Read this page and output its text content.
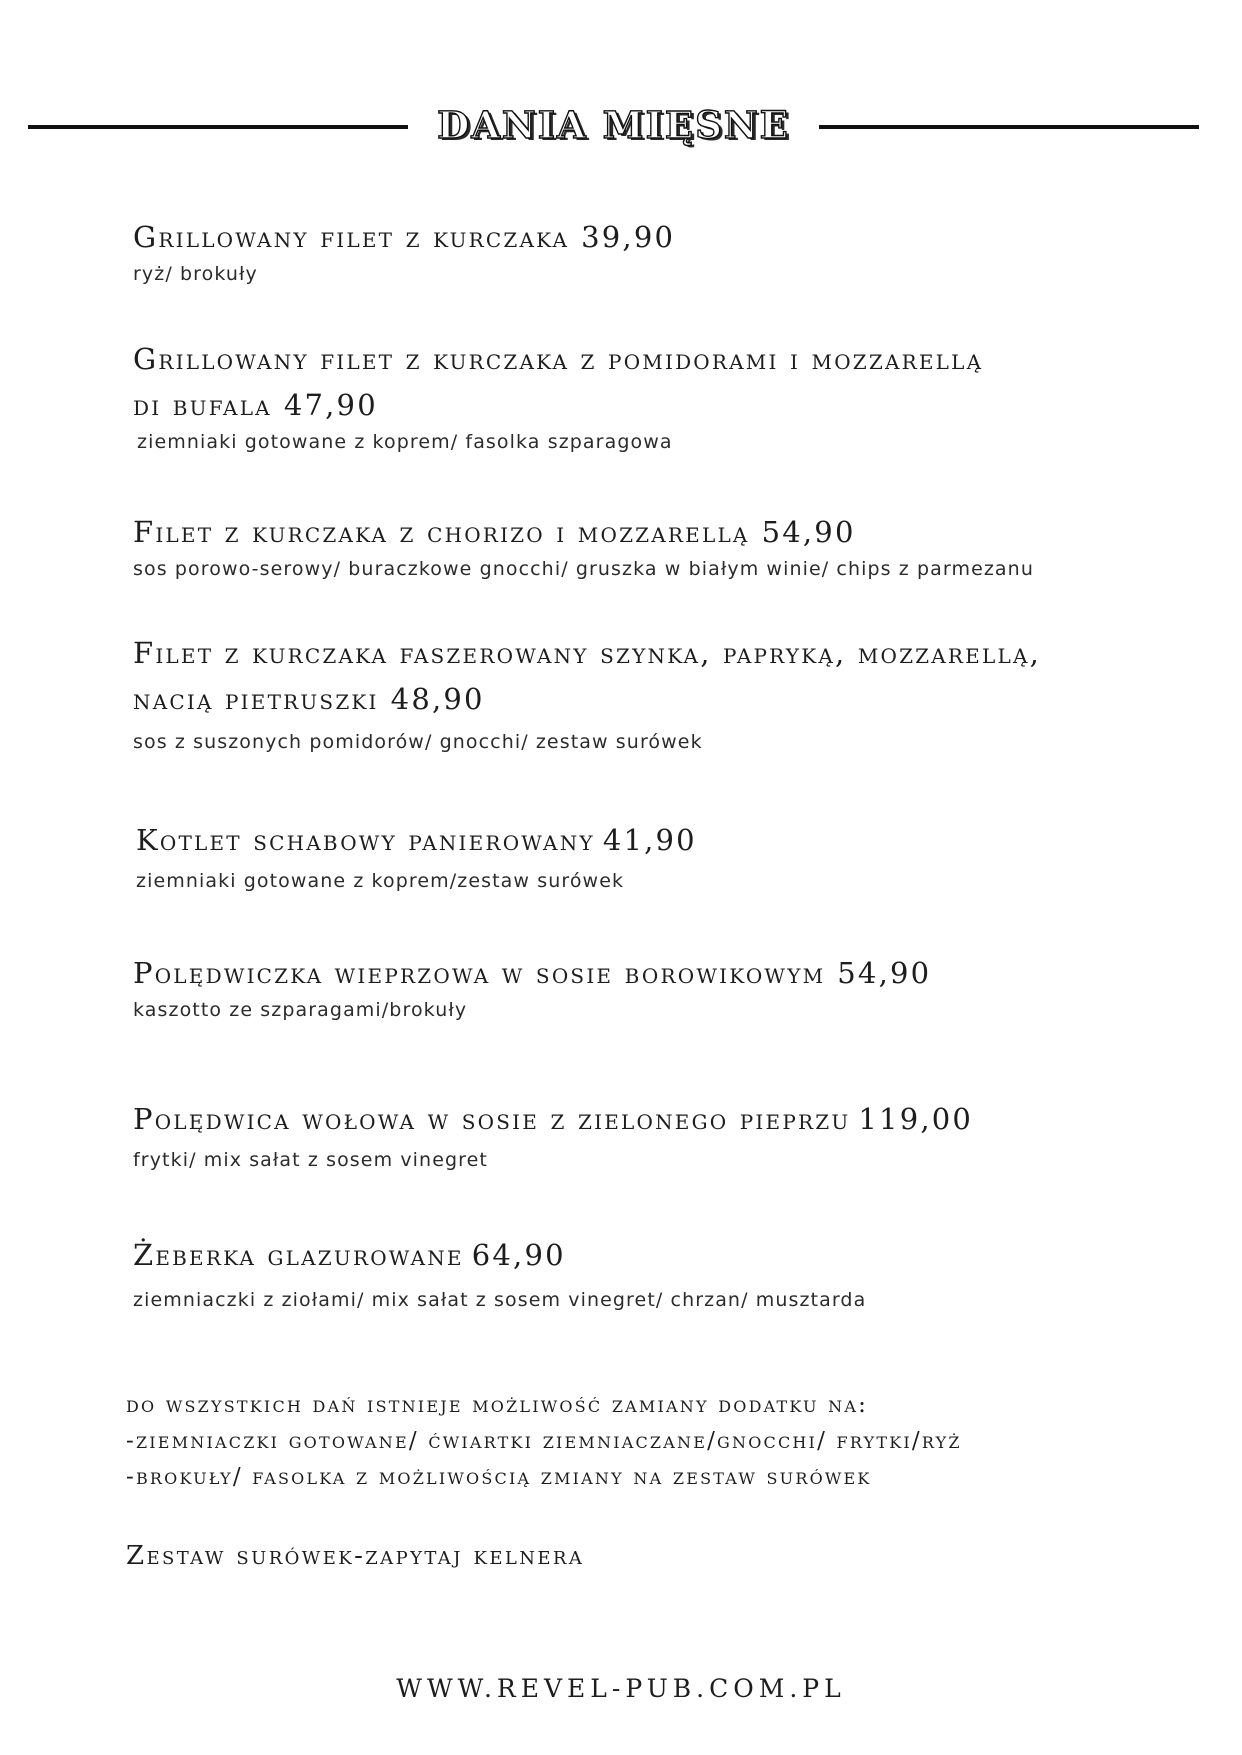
DANIA MIĘSNE
Grillowany filet z kurczaka 39,90
ryż/ brokuły
Grillowany filet z kurczaka z pomidorami i mozzarellą
di bufala 47,90
ziemniaki gotowane z koprem/ fasolka szparagowa
Filet z kurczaka z chorizo i mozzarellą 54,90
sos porowo-serowy/ buraczkowe gnocchi/ gruszka w białym winie/ chips z parmezanu
Filet z kurczaka faszerowany szynka, papryką, mozzarellą,
nacią pietruszki 48,90
sos z suszonych pomidorów/ gnocchi/ zestaw surówek
Kotlet schabowy panierowany 41,90
ziemniaki gotowane z koprem/zestaw surówek
Polędwiczka wieprzowa w sosie borowikowym 54,90
kaszotto ze szparagami/brokuły
Polędwica wołowa w sosie z zielonego pieprzu 119,00
frytki/ mix sałat z sosem vinegret
Żeberka glazurowane 64,90
ziemniaczki z ziołami/ mix sałat z sosem vinegret/ chrzan/ musztarda
do wszystkich dań istnieje możliwość zamiany dodatku na:
-ziemniaczki gotowane/ ćwiartki ziemniaczane/gnocchi/ frytki/ryż
-brokuły/ fasolka z możliwością zmiany na zestaw surówek
Zestaw surówek-zapytaj kelnera
WWW.REVEL-PUB.COM.PL
